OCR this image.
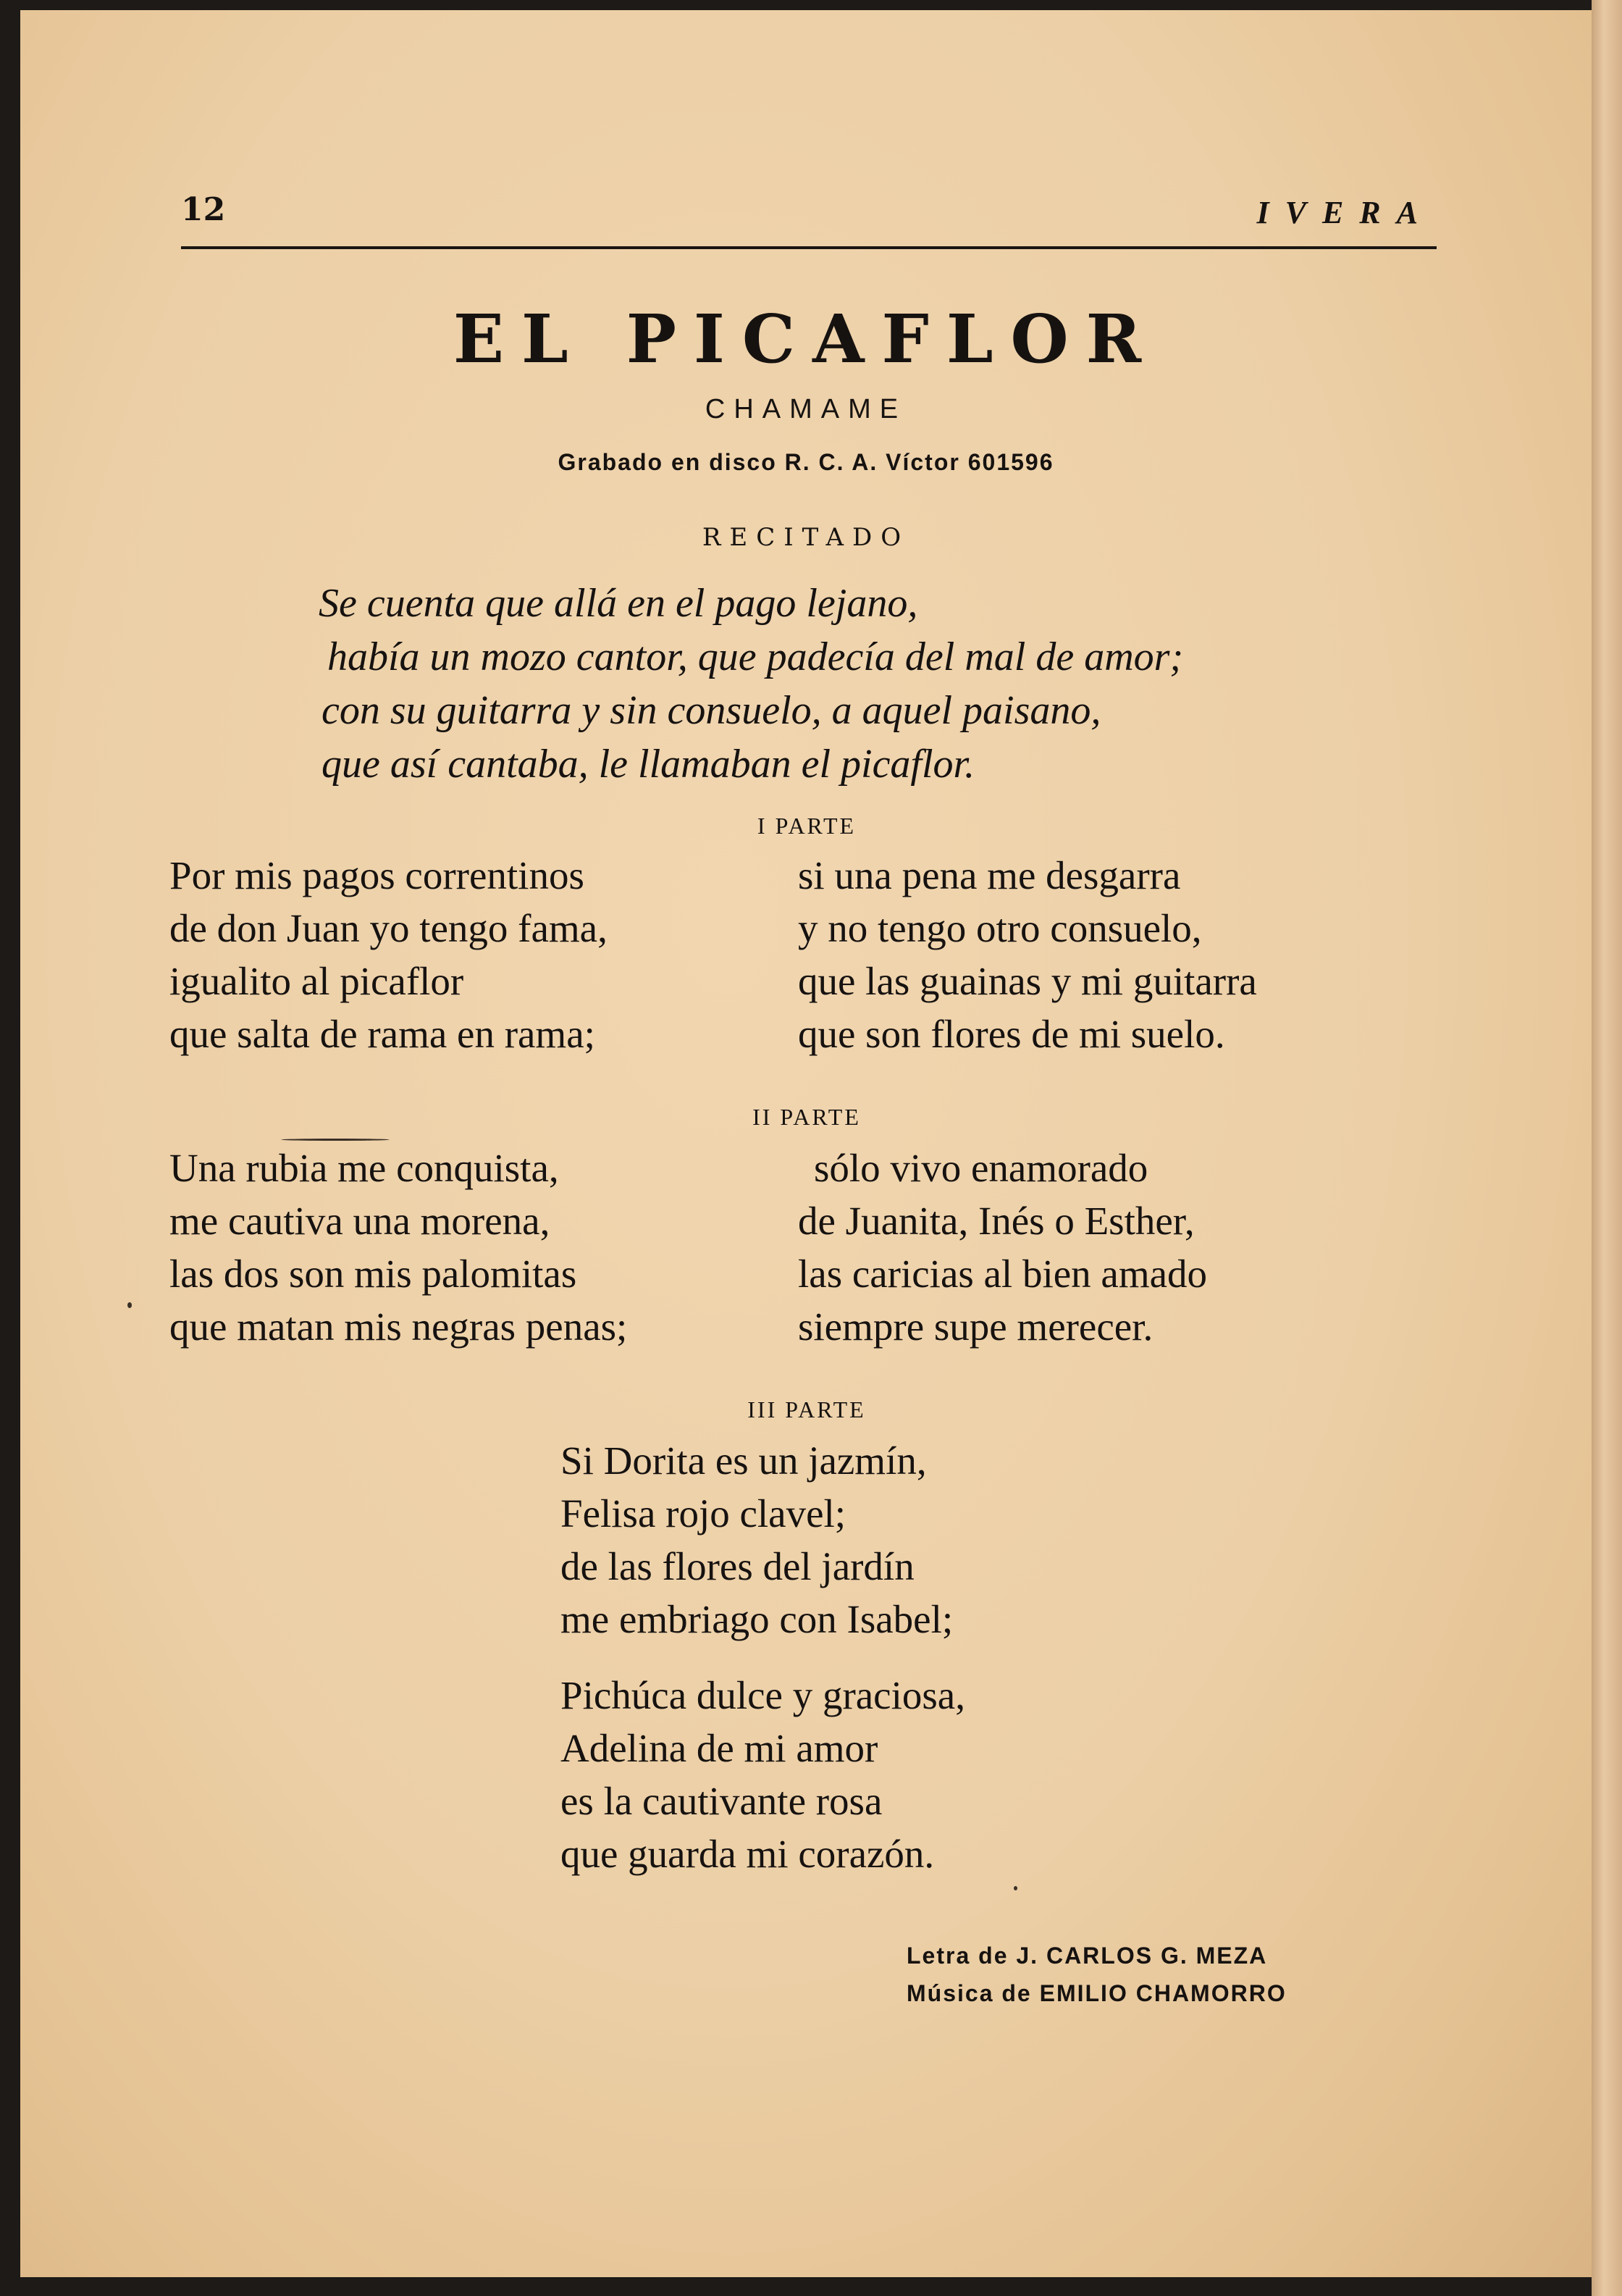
12	IVERA
EL PICAFLOR
CHAMAME
Grabado en disco R. C. A. Víctor 601596
RECITADO
Se cuenta que allá en el pago lejano,
había un mozo cantor, que padecía del mal de amor;
con su guitarra y sin consuelo, a aquel paisano,
que así cantaba, le llamaban el picaflor.
I PARTE
Por mis pagos correntinos
de don Juan yo tengo fama,
igualito al picaflor
que salta de rama en rama;
si una pena me desgarra
y no tengo otro consuelo,
que las guainas y mi guitarra
que son flores de mi suelo.
II PARTE
Una rubia me conquista,
me cautiva una morena,
las dos son mis palomitas
que matan mis negras penas;
sólo vivo enamorado
de Juanita, Inés o Esther,
las caricias al bien amado
siempre supe merecer.
III PARTE
Si Dorita es un jazmín,
Felisa rojo clavel;
de las flores del jardín
me embriago con Isabel;
Pichúca dulce y graciosa,
Adelina de mi amor
es la cautivante rosa
que guarda mi corazón.
Letra de J. CARLOS G. MEZA
Música de EMILIO CHAMORRO
